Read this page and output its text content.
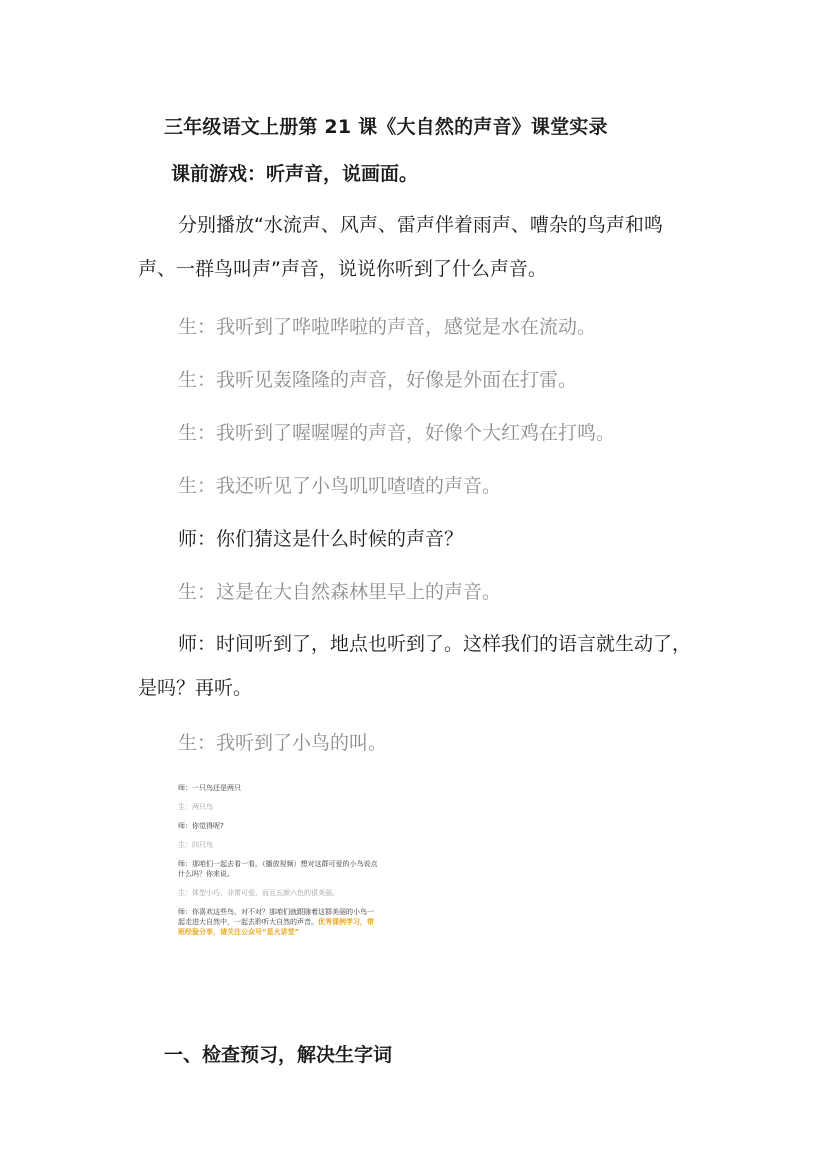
三年级语文上册第 21 课《大自然的声音》课堂实录
课前游戏：听声音，说画面。
分别播放“水流声、风声、雷声伴着雨声、嘈杂的鸟声和鸣声、一群鸟叫声”声音，说说你听到了什么声音。
生：我听到了哗啦哗啦的声音，感觉是水在流动。
生：我听见轰隆隆的声音，好像是外面在打雷。
生：我听到了喔喔喔的声音，好像个大红鸡在打鸣。
生：我还听见了小鸟叽叽喳喳的声音。
师：你们猜这是什么时候的声音？
生：这是在大自然森林里早上的声音。
师：时间听到了，地点也听到了。这样我们的语言就生动了，是吗？再听。
生：我听到了小鸟的叫。
师：一只鸟还是两只
生：两只鸟
师：你觉得呢?
生：四只鸟
师：那咱们一起去看一看。（播放视频）想对这群可爱的小鸟说点什么吗？你来说。
生：体型小巧，非常可爱，而且五颜六色的很美丽。
师：你喜欢这些鸟，对不对？那咱们就跟随着这群美丽的小鸟一起走进大自然中，一起去聆听大自然的声音。优秀课例学习，带班经验分享，请关注公众号“星火讲堂”
一、检查预习，解决生字词
